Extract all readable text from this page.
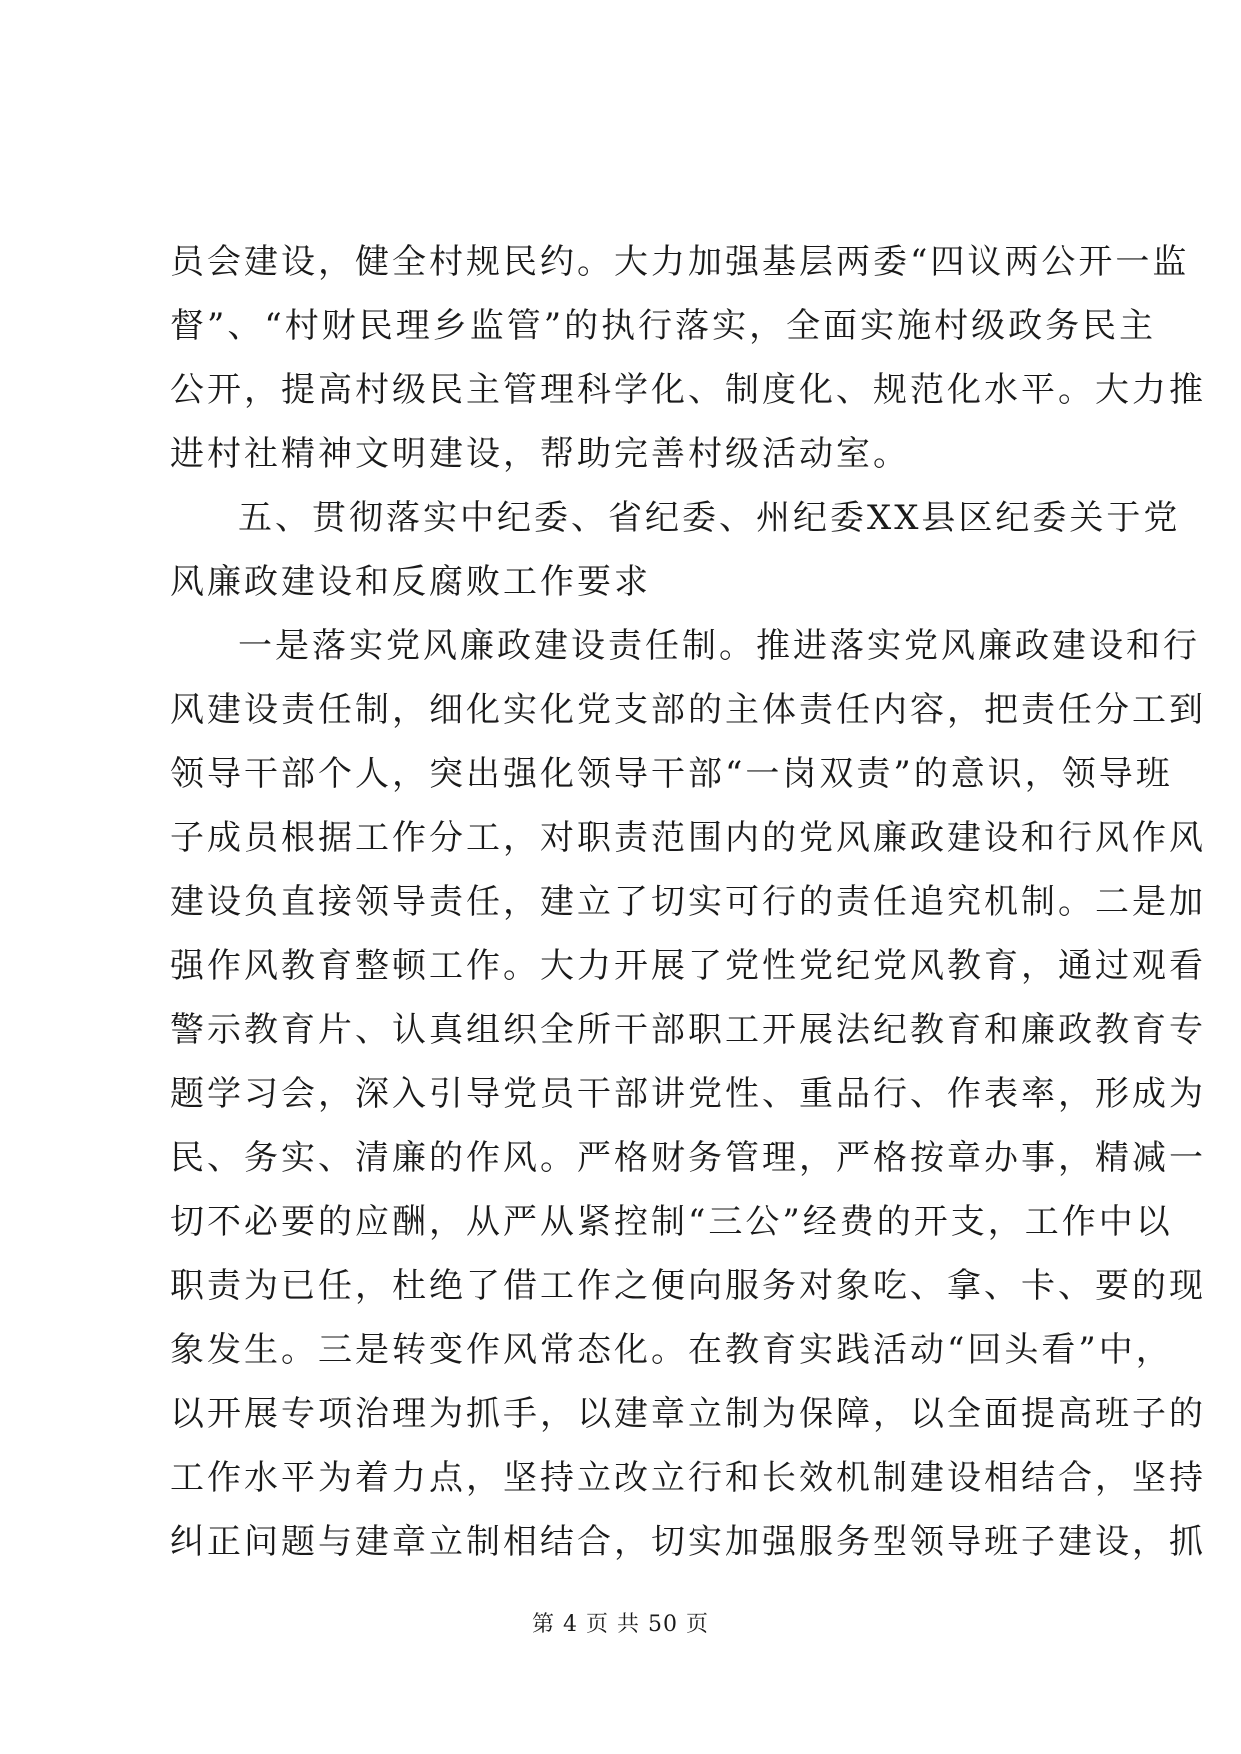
员会建设，健全村规民约。大力加强基层两委“四议两公开一监
督”、“村财民理乡监管”的执行落实，全面实施村级政务民主
公开，提高村级民主管理科学化、制度化、规范化水平。大力推
进村社精神文明建设，帮助完善村级活动室。
五、贯彻落实中纪委、省纪委、州纪委XX县区纪委关于党
风廉政建设和反腐败工作要求
一是落实党风廉政建设责任制。推进落实党风廉政建设和行
风建设责任制，细化实化党支部的主体责任内容，把责任分工到
领导干部个人，突出强化领导干部“一岗双责”的意识，领导班
子成员根据工作分工，对职责范围内的党风廉政建设和行风作风
建设负直接领导责任，建立了切实可行的责任追究机制。二是加
强作风教育整顿工作。大力开展了党性党纪党风教育，通过观看
警示教育片、认真组织全所干部职工开展法纪教育和廉政教育专
题学习会，深入引导党员干部讲党性、重品行、作表率，形成为
民、务实、清廉的作风。严格财务管理，严格按章办事，精减一
切不必要的应酬，从严从紧控制“三公”经费的开支，工作中以
职责为已任，杜绝了借工作之便向服务对象吃、拿、卡、要的现
象发生。三是转变作风常态化。在教育实践活动“回头看”中，
以开展专项治理为抓手，以建章立制为保障，以全面提高班子的
工作水平为着力点，坚持立改立行和长效机制建设相结合，坚持
纠正问题与建章立制相结合，切实加强服务型领导班子建设，抓
第 4 页 共 50 页
